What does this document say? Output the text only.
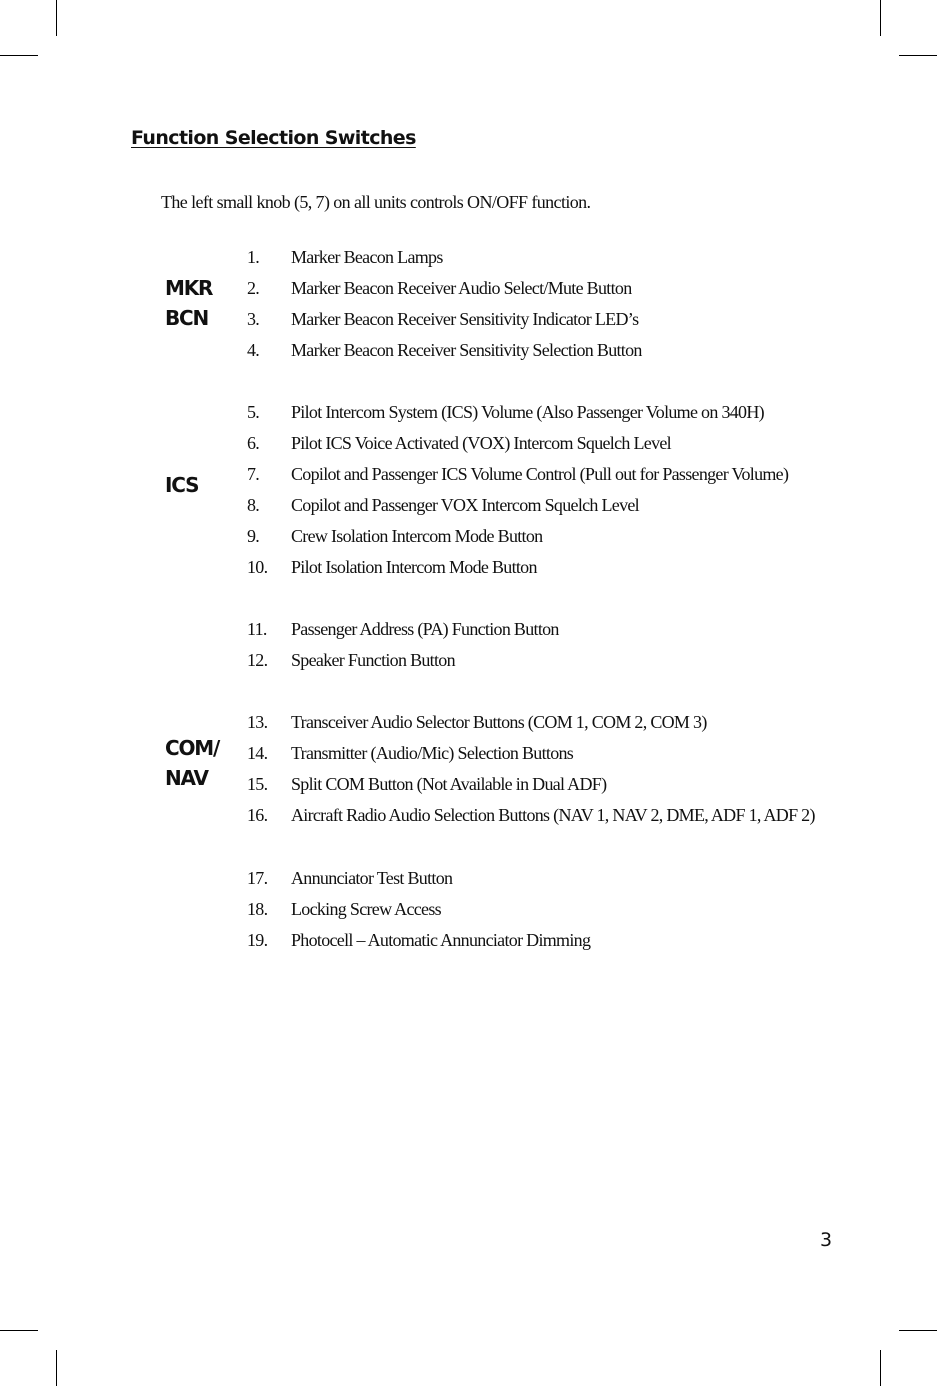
Function Selection Switches
The left small knob (5, 7) on all units controls ON/OFF function.
MKR
BCN
ICS
COM/
NAV
1. Marker Beacon Lamps
2. Marker Beacon Receiver Audio Select/Mute Button
3. Marker Beacon Receiver Sensitivity Indicator LED’s
4. Marker Beacon Receiver Sensitivity Selection Button
5. Pilot Intercom System (ICS) Volume (Also Passenger Volume on 340H)
6. Pilot ICS Voice Activated (VOX) Intercom Squelch Level
7. Copilot and Passenger ICS Volume Control (Pull out for Passenger Volume)
8. Copilot and Passenger VOX Intercom Squelch Level
9. Crew Isolation Intercom Mode Button
10. Pilot Isolation Intercom Mode Button
11. Passenger Address (PA) Function Button
12. Speaker Function Button
13. Transceiver Audio Selector Buttons (COM 1, COM 2, COM 3)
14. Transmitter (Audio/Mic) Selection Buttons
15. Split COM Button (Not Available in Dual ADF)
16. Aircraft Radio Audio Selection Buttons (NAV 1, NAV 2, DME, ADF 1, ADF 2)
17. Annunciator Test Button
18. Locking Screw Access
19. Photocell – Automatic Annunciator Dimming
3
